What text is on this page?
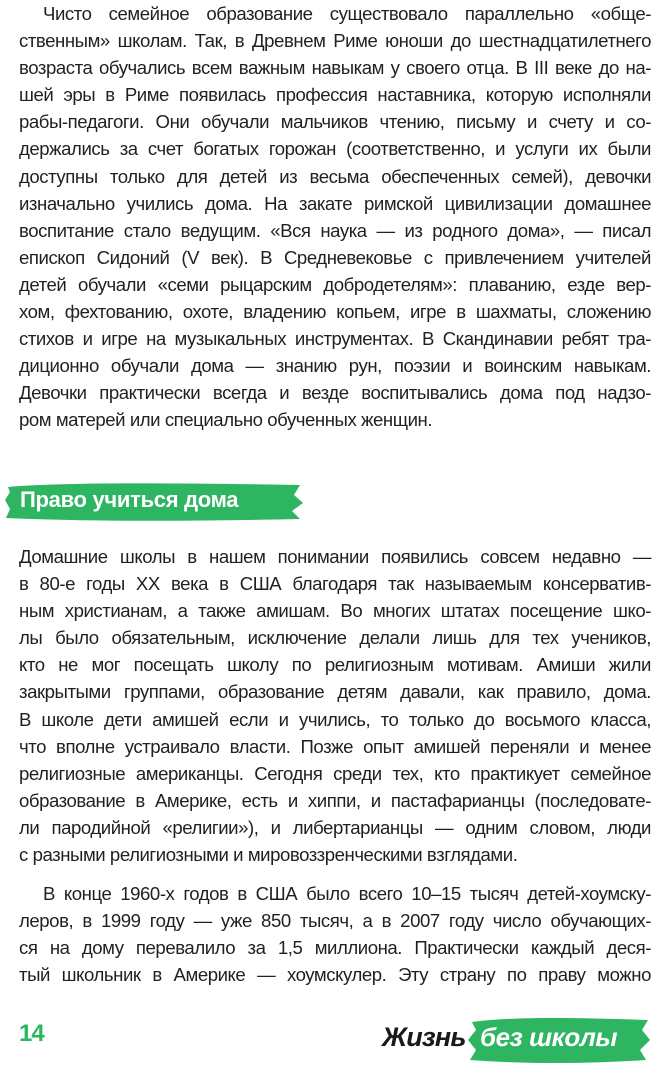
Чисто семейное образование существовало параллельно «обще-
ственным» школам. Так, в Древнем Риме юноши до шестнадцатилетнего
возраста обучались всем важным навыкам у своего отца. В III веке до на-
шей эры в Риме появилась профессия наставника, которую исполняли
рабы-педагоги. Они обучали мальчиков чтению, письму и счету и со-
держались за счет богатых горожан (соответственно, и услуги их были
доступны только для детей из весьма обеспеченных семей), девочки
изначально учились дома. На закате римской цивилизации домашнее
воспитание стало ведущим. «Вся наука — из родного дома», — писал
епископ Сидоний (V век). В Средневековье с привлечением учителей
детей обучали «семи рыцарским добродетелям»: плаванию, езде вер-
хом, фехтованию, охоте, владению копьем, игре в шахматы, сложению
стихов и игре на музыкальных инструментах. В Скандинавии ребят тра-
диционно обучали дома — знанию рун, поэзии и воинским навыкам.
Девочки практически всегда и везде воспитывались дома под надзо-
ром матерей или специально обученных женщин.
Право учиться дома
Домашние школы в нашем понимании появились совсем недавно —
в 80-е годы XX века в США благодаря так называемым консерватив-
ным христианам, а также амишам. Во многих штатах посещение шко-
лы было обязательным, исключение делали лишь для тех учеников,
кто не мог посещать школу по религиозным мотивам. Амиши жили
закрытыми группами, образование детям давали, как правило, дома.
В школе дети амишей если и учились, то только до восьмого класса,
что вполне устраивало власти. Позже опыт амишей переняли и менее
религиозные американцы. Сегодня среди тех, кто практикует семейное
образование в Америке, есть и хиппи, и пастафарианцы (последовате-
ли пародийной «религии»), и либертарианцы — одним словом, люди
с разными религиозными и мировоззренческими взглядами.
В конце 1960-х годов в США было всего 10–15 тысяч детей-хоумску-
леров, в 1999 году — уже 850 тысяч, а в 2007 году число обучающих-
ся на дому перевалило за 1,5 миллиона. Практически каждый деся-
тый школьник в Америке — хоумскулер. Эту страну по праву можно
14	Жизнь без школы
